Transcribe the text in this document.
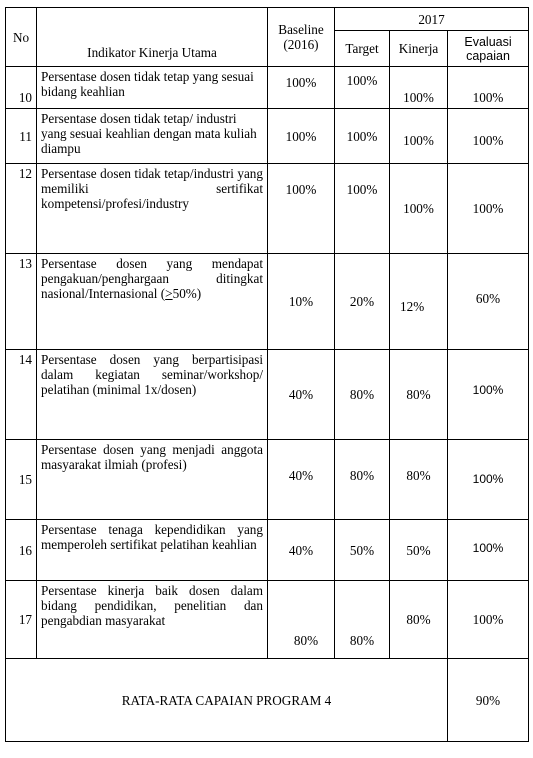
No	Indikator Kinerja Utama	Baseline (2016)	2017		
			Target	Kinerja	Evaluasi capaian
10	Persentase dosen tidak tetap yang sesuai bidang keahlian	100%	100%	100%	100%
11	Persentase dosen tidak tetap/ industri yang sesuai keahlian dengan mata kuliah diampu	100%	100%	100%	100%
12	Persentase dosen tidak tetap/industri yang memiliki sertifikat kompetensi/profesi/industry	100%	100%	100%	100%
13	Persentase dosen yang mendapat pengakuan/penghargaan ditingkat nasional/Internasional (≥50%)	10%	20%	12%	60%
14	Persentase dosen yang berpartisipasi dalam kegiatan seminar/workshop/ pelatihan (minimal 1x/dosen)	40%	80%	80%	100%
15	Persentase dosen yang menjadi anggota masyarakat ilmiah (profesi)	40%	80%	80%	100%
16	Persentase tenaga kependidikan yang memperoleh sertifikat pelatihan keahlian	40%	50%	50%	100%
17	Persentase kinerja baik dosen dalam bidang pendidikan, penelitian dan pengabdian masyarakat	80%	80%	80%	100%
RATA-RATA CAPAIAN PROGRAM 4					90%
